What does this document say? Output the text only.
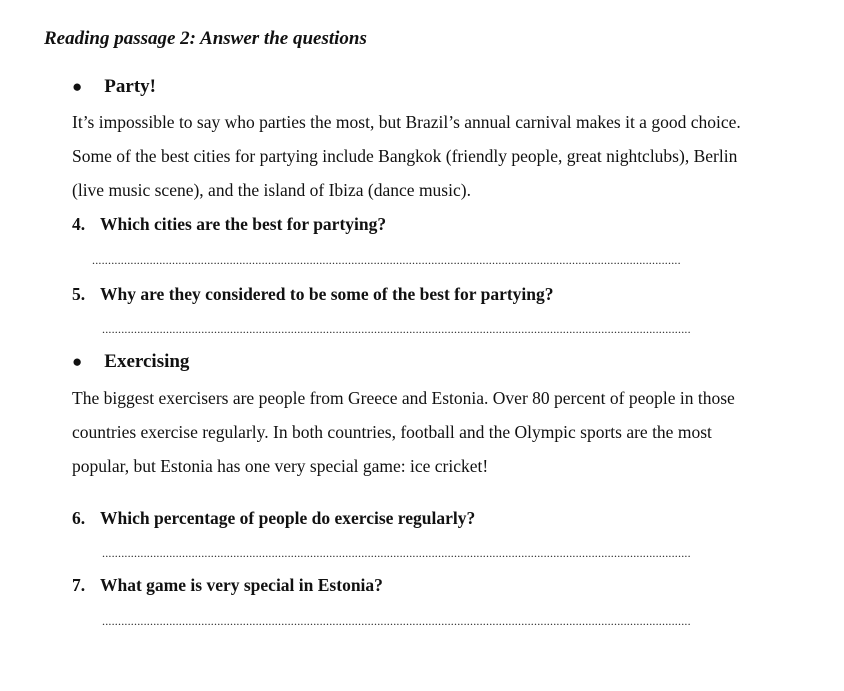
Reading passage 2: Answer the questions
● Party!
It’s impossible to say who parties the most, but Brazil’s annual carnival makes it a good choice.
Some of the best cities for partying include Bangkok (friendly people, great nightclubs), Berlin
(live music scene), and the island of Ibiza (dance music).
4. Which cities are the best for partying?
........................................................................................................................................................................................
5. Why are they considered to be some of the best for partying?
........................................................................................................................................................................................
● Exercising
The biggest exercisers are people from Greece and Estonia. Over 80 percent of people in those
countries exercise regularly. In both countries, football and the Olympic sports are the most
popular, but Estonia has one very special game: ice cricket!
6. Which percentage of people do exercise regularly?
........................................................................................................................................................................................
7. What game is very special in Estonia?
........................................................................................................................................................................................
